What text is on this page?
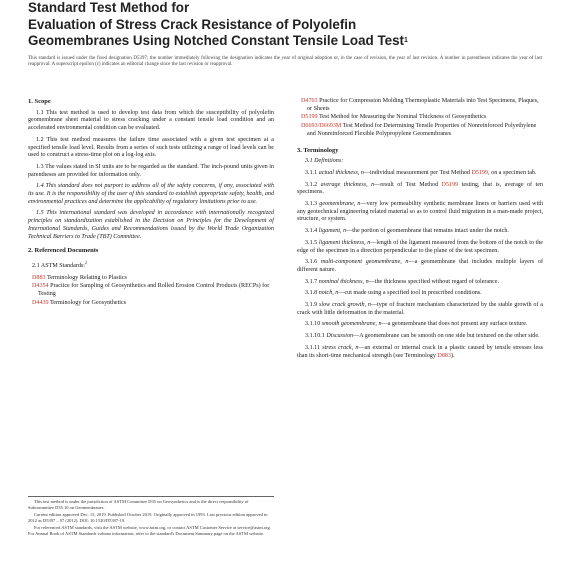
Standard Test Method for
Evaluation of Stress Crack Resistance of Polyolefin
Geomembranes Using Notched Constant Tensile Load Test$^1$
This standard is issued under the fixed designation D5397; the number immediately following the designation indicates the year of original adoption or, in the case of revision, the year of last revision. A number in parentheses indicates the year of last reapproval. A superscript epsilon (ε) indicates an editorial change since the last revision or reapproval.
1. Scope

1.1 This test method is used to develop test data from which the susceptibility of polyolefin geomembrane sheet material to stress cracking under a constant tensile load condition and an accelerated environmental condition can be evaluated.

1.2 This test method measures the failure time associated with a given test specimen at a specified tensile load level. Results from a series of such tests utilizing a range of load levels can be used to construct a stress-time plot on a log-log axis.

1.3 The values stated in SI units are to be regarded as the standard. The inch-pound units given in parentheses are provided for information only.

1.4 This standard does not purport to address all of the safety concerns, if any, associated with its use. It is the responsibility of the user of this standard to establish appropriate safety, health, and environmental practices and determine the applicability of regulatory limitations prior to use.

1.5 This international standard was developed in accordance with internationally recognized principles on standardization established in the Decision on Principles for the Development of International Standards, Guides and Recommendations issued by the World Trade Organization Technical Barriers to Trade (TBT) Committee.

2. Referenced Documents
2.1 ASTM Standards:$^2$
D883 Terminology Relating to Plastics
D4354 Practice for Sampling of Geosynthetics and Rolled Erosion Control Products (RECPs) for Testing
D4439 Terminology for Geosynthetics
D4703 Practice for Compression Molding Thermoplastic Materials into Test Specimens, Plaques, or Sheets
D5199 Test Method for Measuring the Nominal Thickness of Geosynthetics
D6693/D6693M Test Method for Determining Tensile Properties of Nonreinforced Polyethylene and Nonreinforced Flexible Polypropylene Geomembranes
3. Terminology

3.1 Definitions:

3.1.1 actual thickness, n—individual measurement per Test Method D5199, on a specimen tab.

3.1.2 average thickness, n—result of Test Method D5199 testing, that is, average of ten specimens.

3.1.3 geomembrane, n—very low permeability synthetic membrane liners or barriers used with any geotechnical engineering related material so as to control fluid migration in a man-made project, structure, or system.

3.1.4 ligament, n—the portion of geomembrane that remains intact under the notch.

3.1.5 ligament thickness, n—length of the ligament measured from the bottom of the notch to the edge of the specimen in a direction perpendicular to the plane of the test specimen.

3.1.6 multi-component geomembrane, n—a geomembrane that includes multiple layers of different nature.

3.1.7 nominal thickness, n—the thickness specified without regard of tolerance.

3.1.8 notch, n—cut made using a specified tool in prescribed conditions.

3.1.9 slow crack growth, n—type of fracture mechanism characterized by the stable growth of a crack with little deformation in the material.

3.1.10 smooth geomembrane, n—a geomembrane that does not present any surface texture.

3.1.10.1 Discussion—A geomembrane can be smooth on one side but textured on the other side.

3.1.11 stress crack, n—an external or internal crack in a plastic caused by tensile stresses less than its short-time mechanical strength (see Terminology D883).

This test method is under the jurisdiction of ASTM Committee D35 on Geosynthetics and is the direct responsibility of Subcommittee D35.10 on Geomembranes.

Current edition approved Dec. 15, 2019. Published October 2019. Originally approved in 1993. Last previous edition approved in 2012 as D5397 – 07 (2012). DOI: 10.1520/D5397-19.

For referenced ASTM standards, visit the ASTM website, www.astm.org, or contact ASTM Customer Service at service@astm.org. For Annual Book of ASTM Standards volume information, refer to the standard's Document Summary page on the ASTM website.
